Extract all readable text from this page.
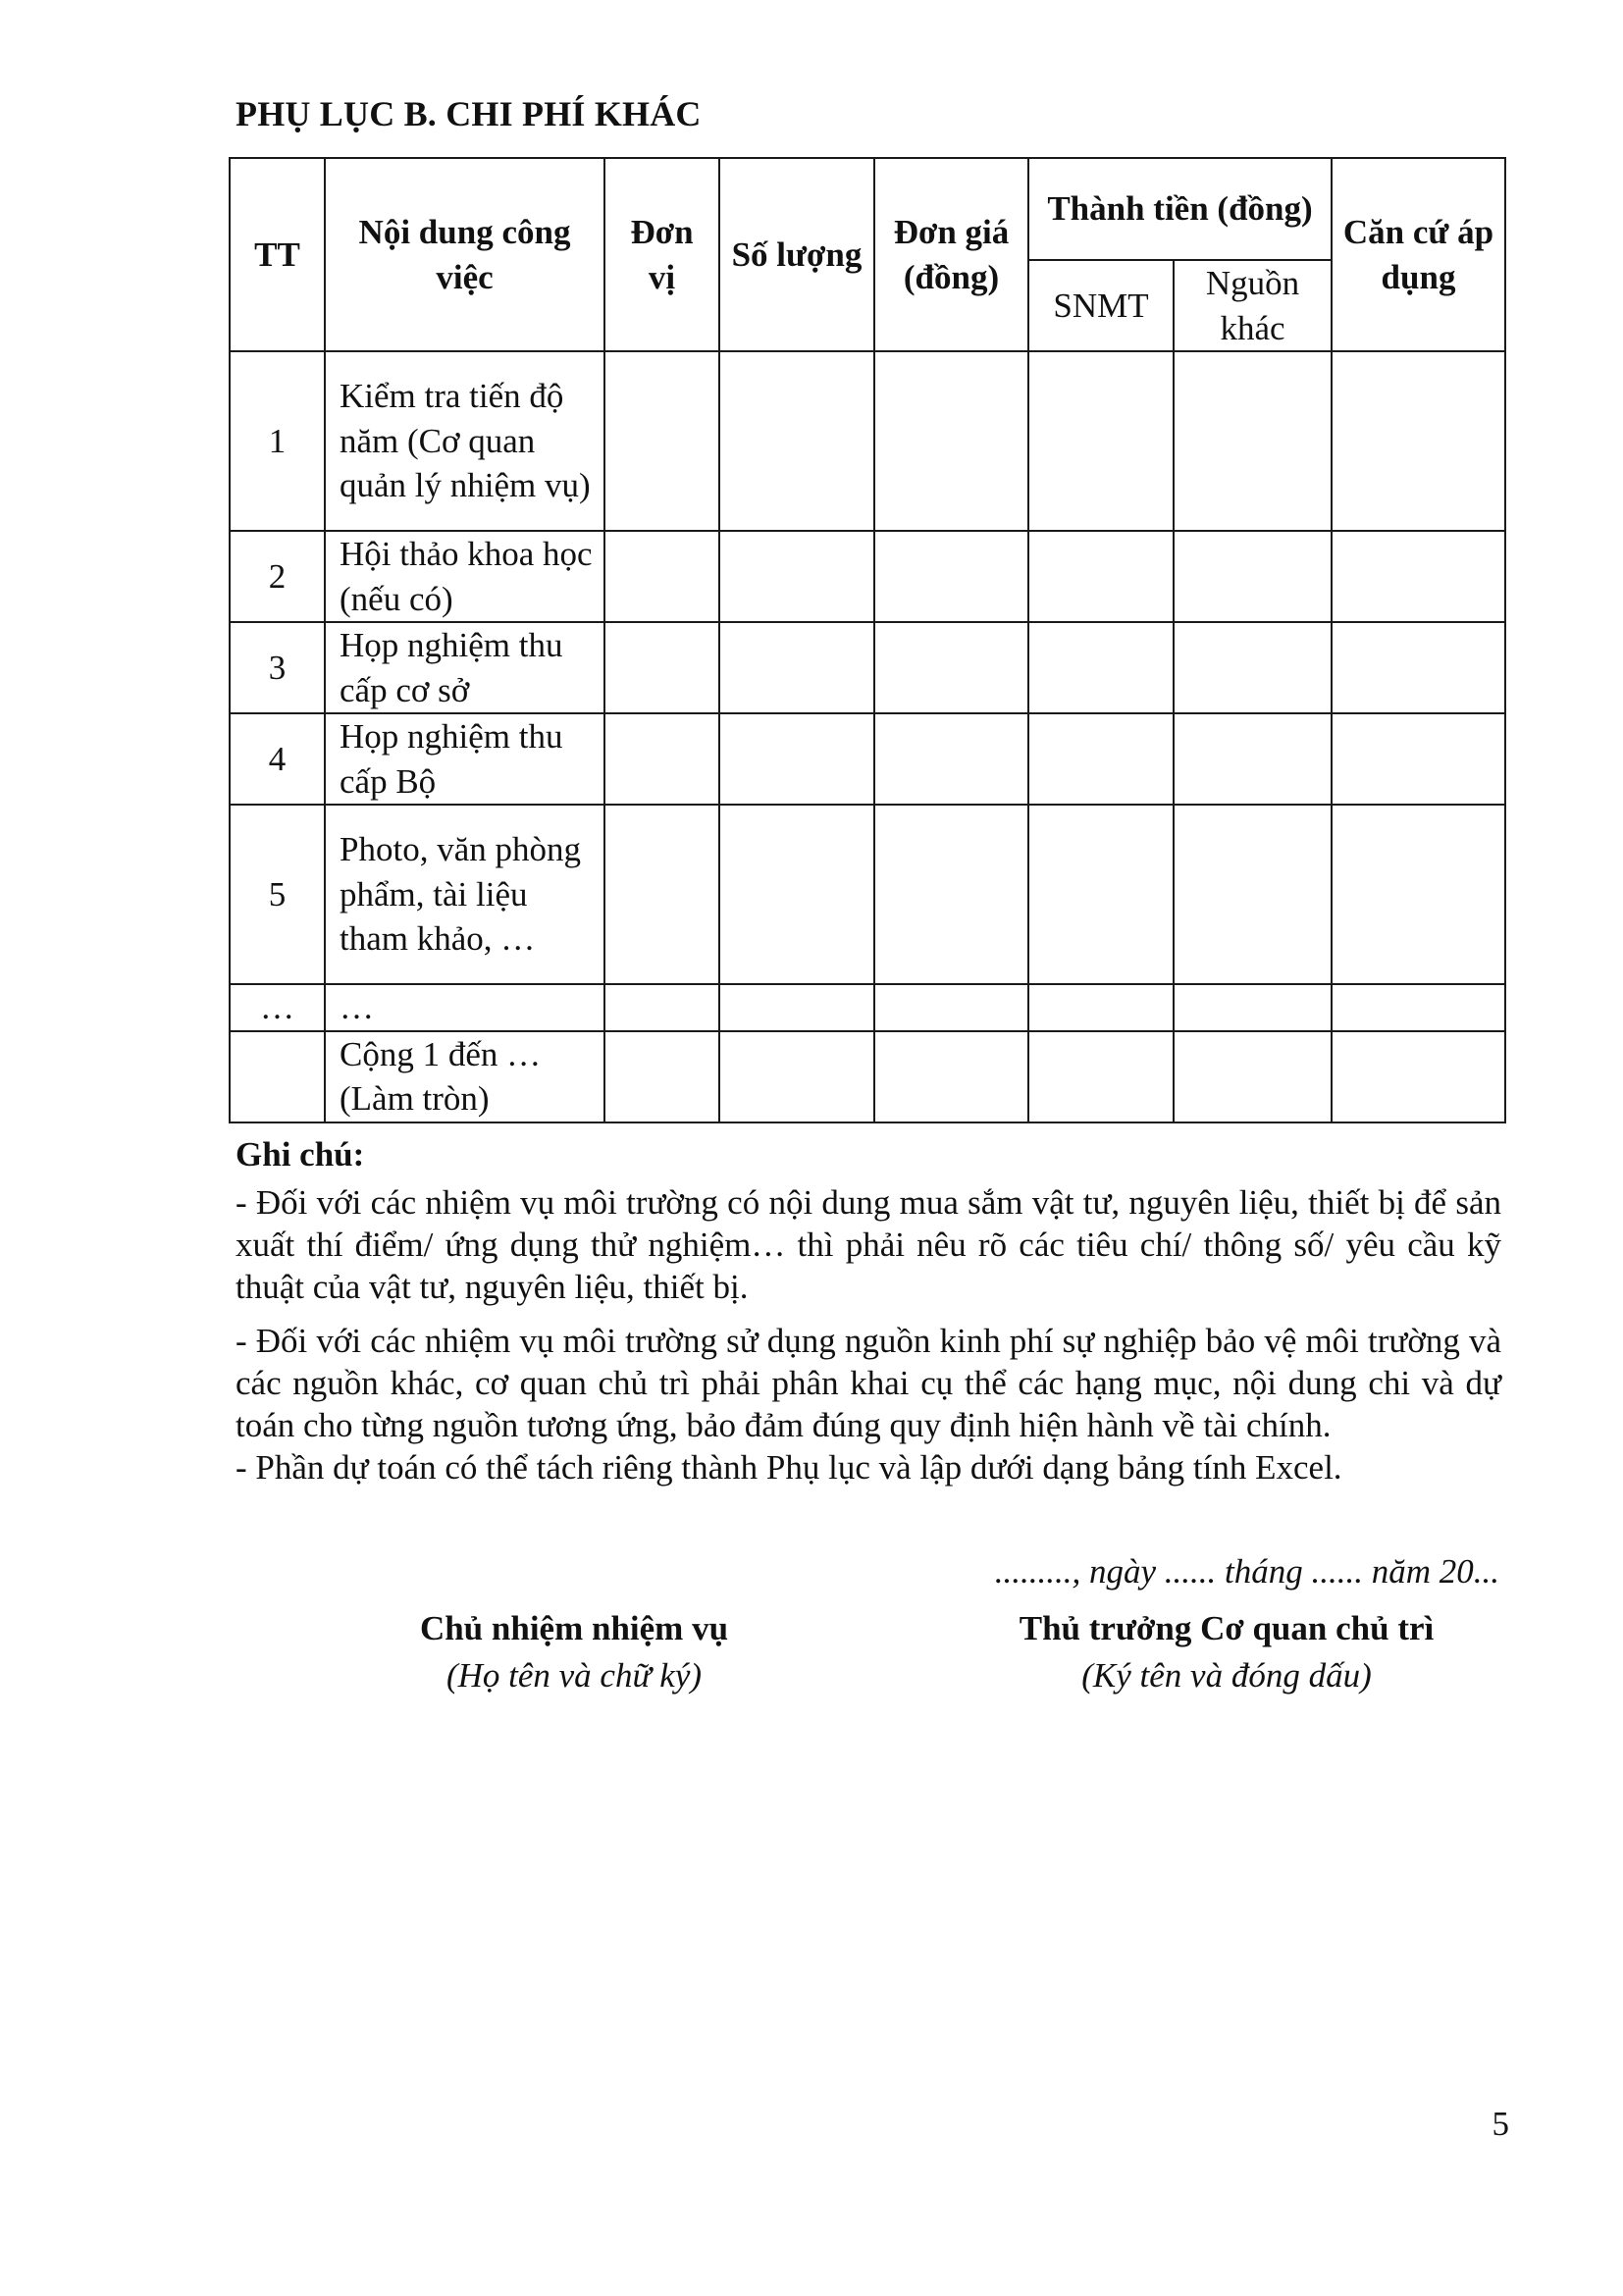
PHỤ LỤC B. CHI PHÍ KHÁC
TT	Nội dung công việc	Đơn vị	Số lượng	Đơn giá (đồng)	Thành tiền (đồng)		Căn cứ áp dụng
					SNMT	Nguồn khác	
1	Kiểm tra tiến độ năm (Cơ quan quản lý nhiệm vụ)						
2	Hội thảo khoa học (nếu có)						
3	Họp nghiệm thu cấp cơ sở						
4	Họp nghiệm thu cấp Bộ						
5	Photo, văn phòng phẩm, tài liệu tham khảo, …						
…	…						
	Cộng 1 đến … (Làm tròn)						
Ghi chú:

- Đối với các nhiệm vụ môi trường có nội dung mua sắm vật tư, nguyên liệu, thiết bị để sản xuất thí điểm/ ứng dụng thử nghiệm… thì phải nêu rõ các tiêu chí/ thông số/ yêu cầu kỹ thuật của vật tư, nguyên liệu, thiết bị.

- Đối với các nhiệm vụ môi trường sử dụng nguồn kinh phí sự nghiệp bảo vệ môi trường và các nguồn khác, cơ quan chủ trì phải phân khai cụ thể các hạng mục, nội dung chi và dự toán cho từng nguồn tương ứng, bảo đảm đúng quy định hiện hành về tài chính.

- Phần dự toán có thể tách riêng thành Phụ lục và lập dưới dạng bảng tính Excel.

........., ngày ...... tháng ...... năm 20...
Chủ nhiệm nhiệm vụ
(Họ tên và chữ ký)
Thủ trưởng Cơ quan chủ trì
(Ký tên và đóng dấu)
5
